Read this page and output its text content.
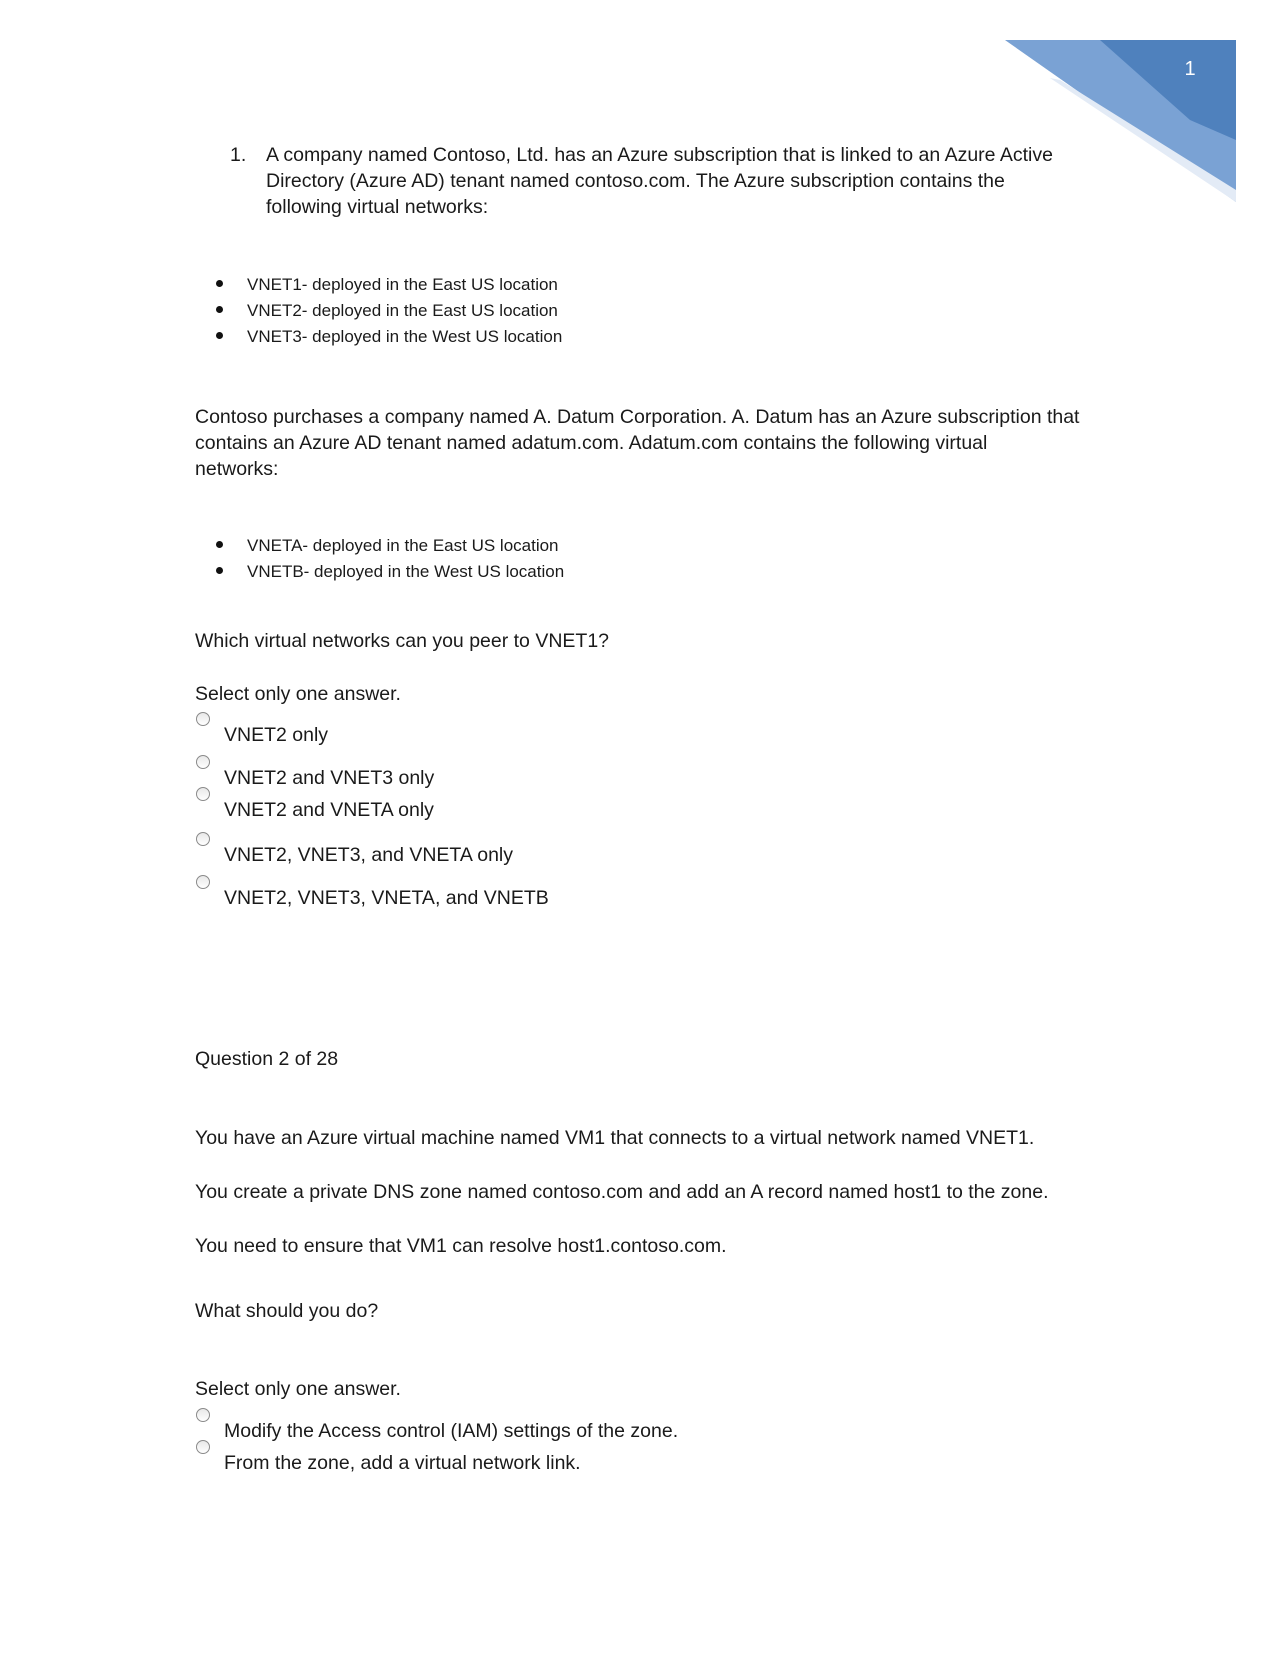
1
1. A company named Contoso, Ltd. has an Azure subscription that is linked to an Azure Active
Directory (Azure AD) tenant named contoso.com. The Azure subscription contains the
following virtual networks:
VNET1- deployed in the East US location
VNET2- deployed in the East US location
VNET3- deployed in the West US location
Contoso purchases a company named A. Datum Corporation. A. Datum has an Azure subscription that
contains an Azure AD tenant named adatum.com. Adatum.com contains the following virtual
networks:
VNETA- deployed in the East US location
VNETB- deployed in the West US location
Which virtual networks can you peer to VNET1?
Select only one answer.
VNET2 only
VNET2 and VNET3 only
VNET2 and VNETA only
VNET2, VNET3, and VNETA only
VNET2, VNET3, VNETA, and VNETB
Question 2 of 28
You have an Azure virtual machine named VM1 that connects to a virtual network named VNET1.
You create a private DNS zone named contoso.com and add an A record named host1 to the zone.
You need to ensure that VM1 can resolve host1.contoso.com.
What should you do?
Select only one answer.
Modify the Access control (IAM) settings of the zone.
From the zone, add a virtual network link.
